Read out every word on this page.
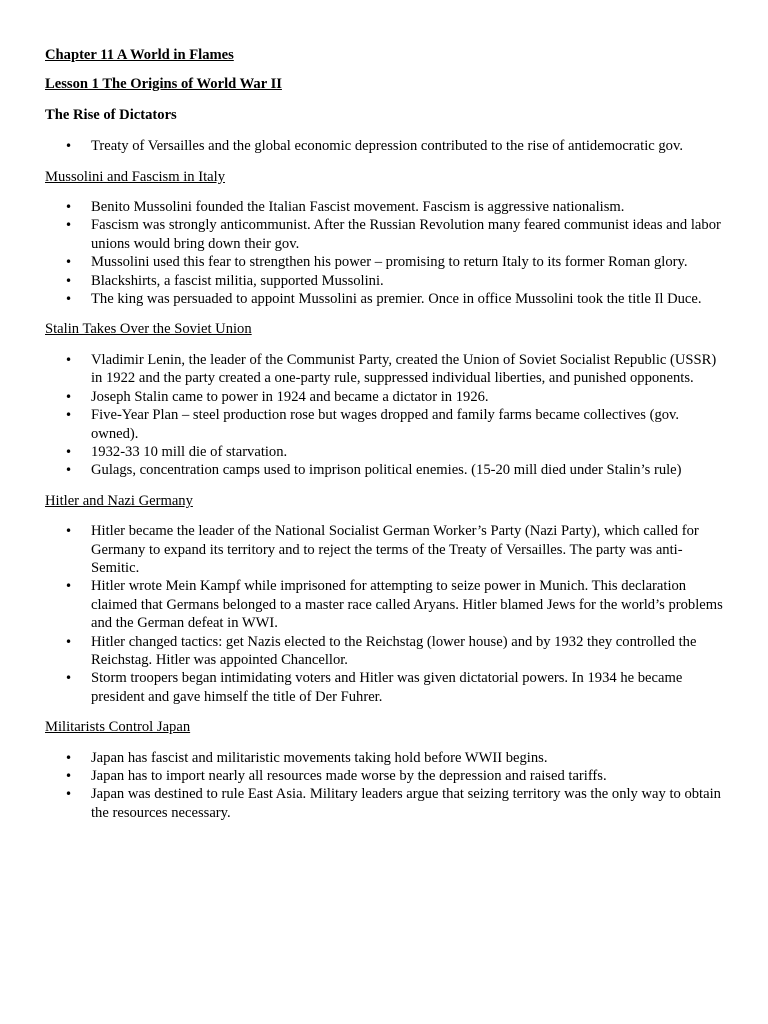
Chapter 11 A World in Flames

Lesson 1 The Origins of World War II

The Rise of Dictators

• Treaty of Versailles and the global economic depression contributed to the rise of antidemocratic gov.

Mussolini and Fascism in Italy

• Benito Mussolini founded the Italian Fascist movement. Fascism is aggressive nationalism.
• Fascism was strongly anticommunist. After the Russian Revolution many feared communist ideas and labor unions would bring down their gov.
• Mussolini used this fear to strengthen his power – promising to return Italy to its former Roman glory.
• Blackshirts, a fascist militia, supported Mussolini.
• The king was persuaded to appoint Mussolini as premier. Once in office Mussolini took the title Il Duce.

Stalin Takes Over the Soviet Union

• Vladimir Lenin, the leader of the Communist Party, created the Union of Soviet Socialist Republic (USSR) in 1922 and the party created a one-party rule, suppressed individual liberties, and punished opponents.
• Joseph Stalin came to power in 1924 and became a dictator in 1926.
• Five-Year Plan – steel production rose but wages dropped and family farms became collectives (gov. owned).
• 1932-33 10 mill die of starvation.
• Gulags, concentration camps used to imprison political enemies. (15-20 mill died under Stalin’s rule)

Hitler and Nazi Germany

• Hitler became the leader of the National Socialist German Worker’s Party (Nazi Party), which called for Germany to expand its territory and to reject the terms of the Treaty of Versailles. The party was anti-Semitic.
• Hitler wrote Mein Kampf while imprisoned for attempting to seize power in Munich. This declaration claimed that Germans belonged to a master race called Aryans. Hitler blamed Jews for the world’s problems and the German defeat in WWI.
• Hitler changed tactics: get Nazis elected to the Reichstag (lower house) and by 1932 they controlled the Reichstag. Hitler was appointed Chancellor.
• Storm troopers began intimidating voters and Hitler was given dictatorial powers. In 1934 he became president and gave himself the title of Der Fuhrer.

Militarists Control Japan

• Japan has fascist and militaristic movements taking hold before WWII begins.
• Japan has to import nearly all resources made worse by the depression and raised tariffs.
• Japan was destined to rule East Asia. Military leaders argue that seizing territory was the only way to obtain the resources necessary.
